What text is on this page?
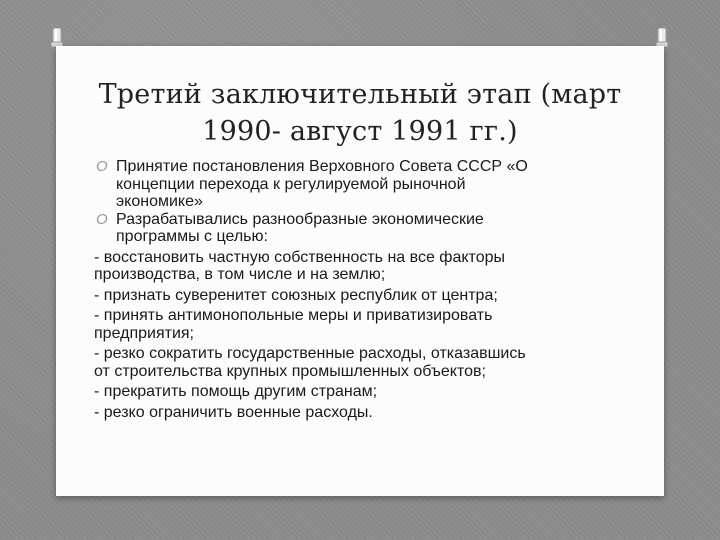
Третий заключительный этап (март
1990- август 1991 гг.)
O Принятие постановления Верховного Совета СССР «О
концепции перехода к регулируемой рыночной
экономике»
O Разрабатывались разнообразные экономические
программы с целью:
- восстановить частную собственность на все факторы
производства, в том числе и на землю;
- признать суверенитет союзных республик от центра;
- принять антимонопольные меры и приватизировать
предприятия;
- резко сократить государственные расходы, отказавшись
от строительства крупных промышленных объектов;
- прекратить помощь другим странам;
- резко ограничить военные расходы.
